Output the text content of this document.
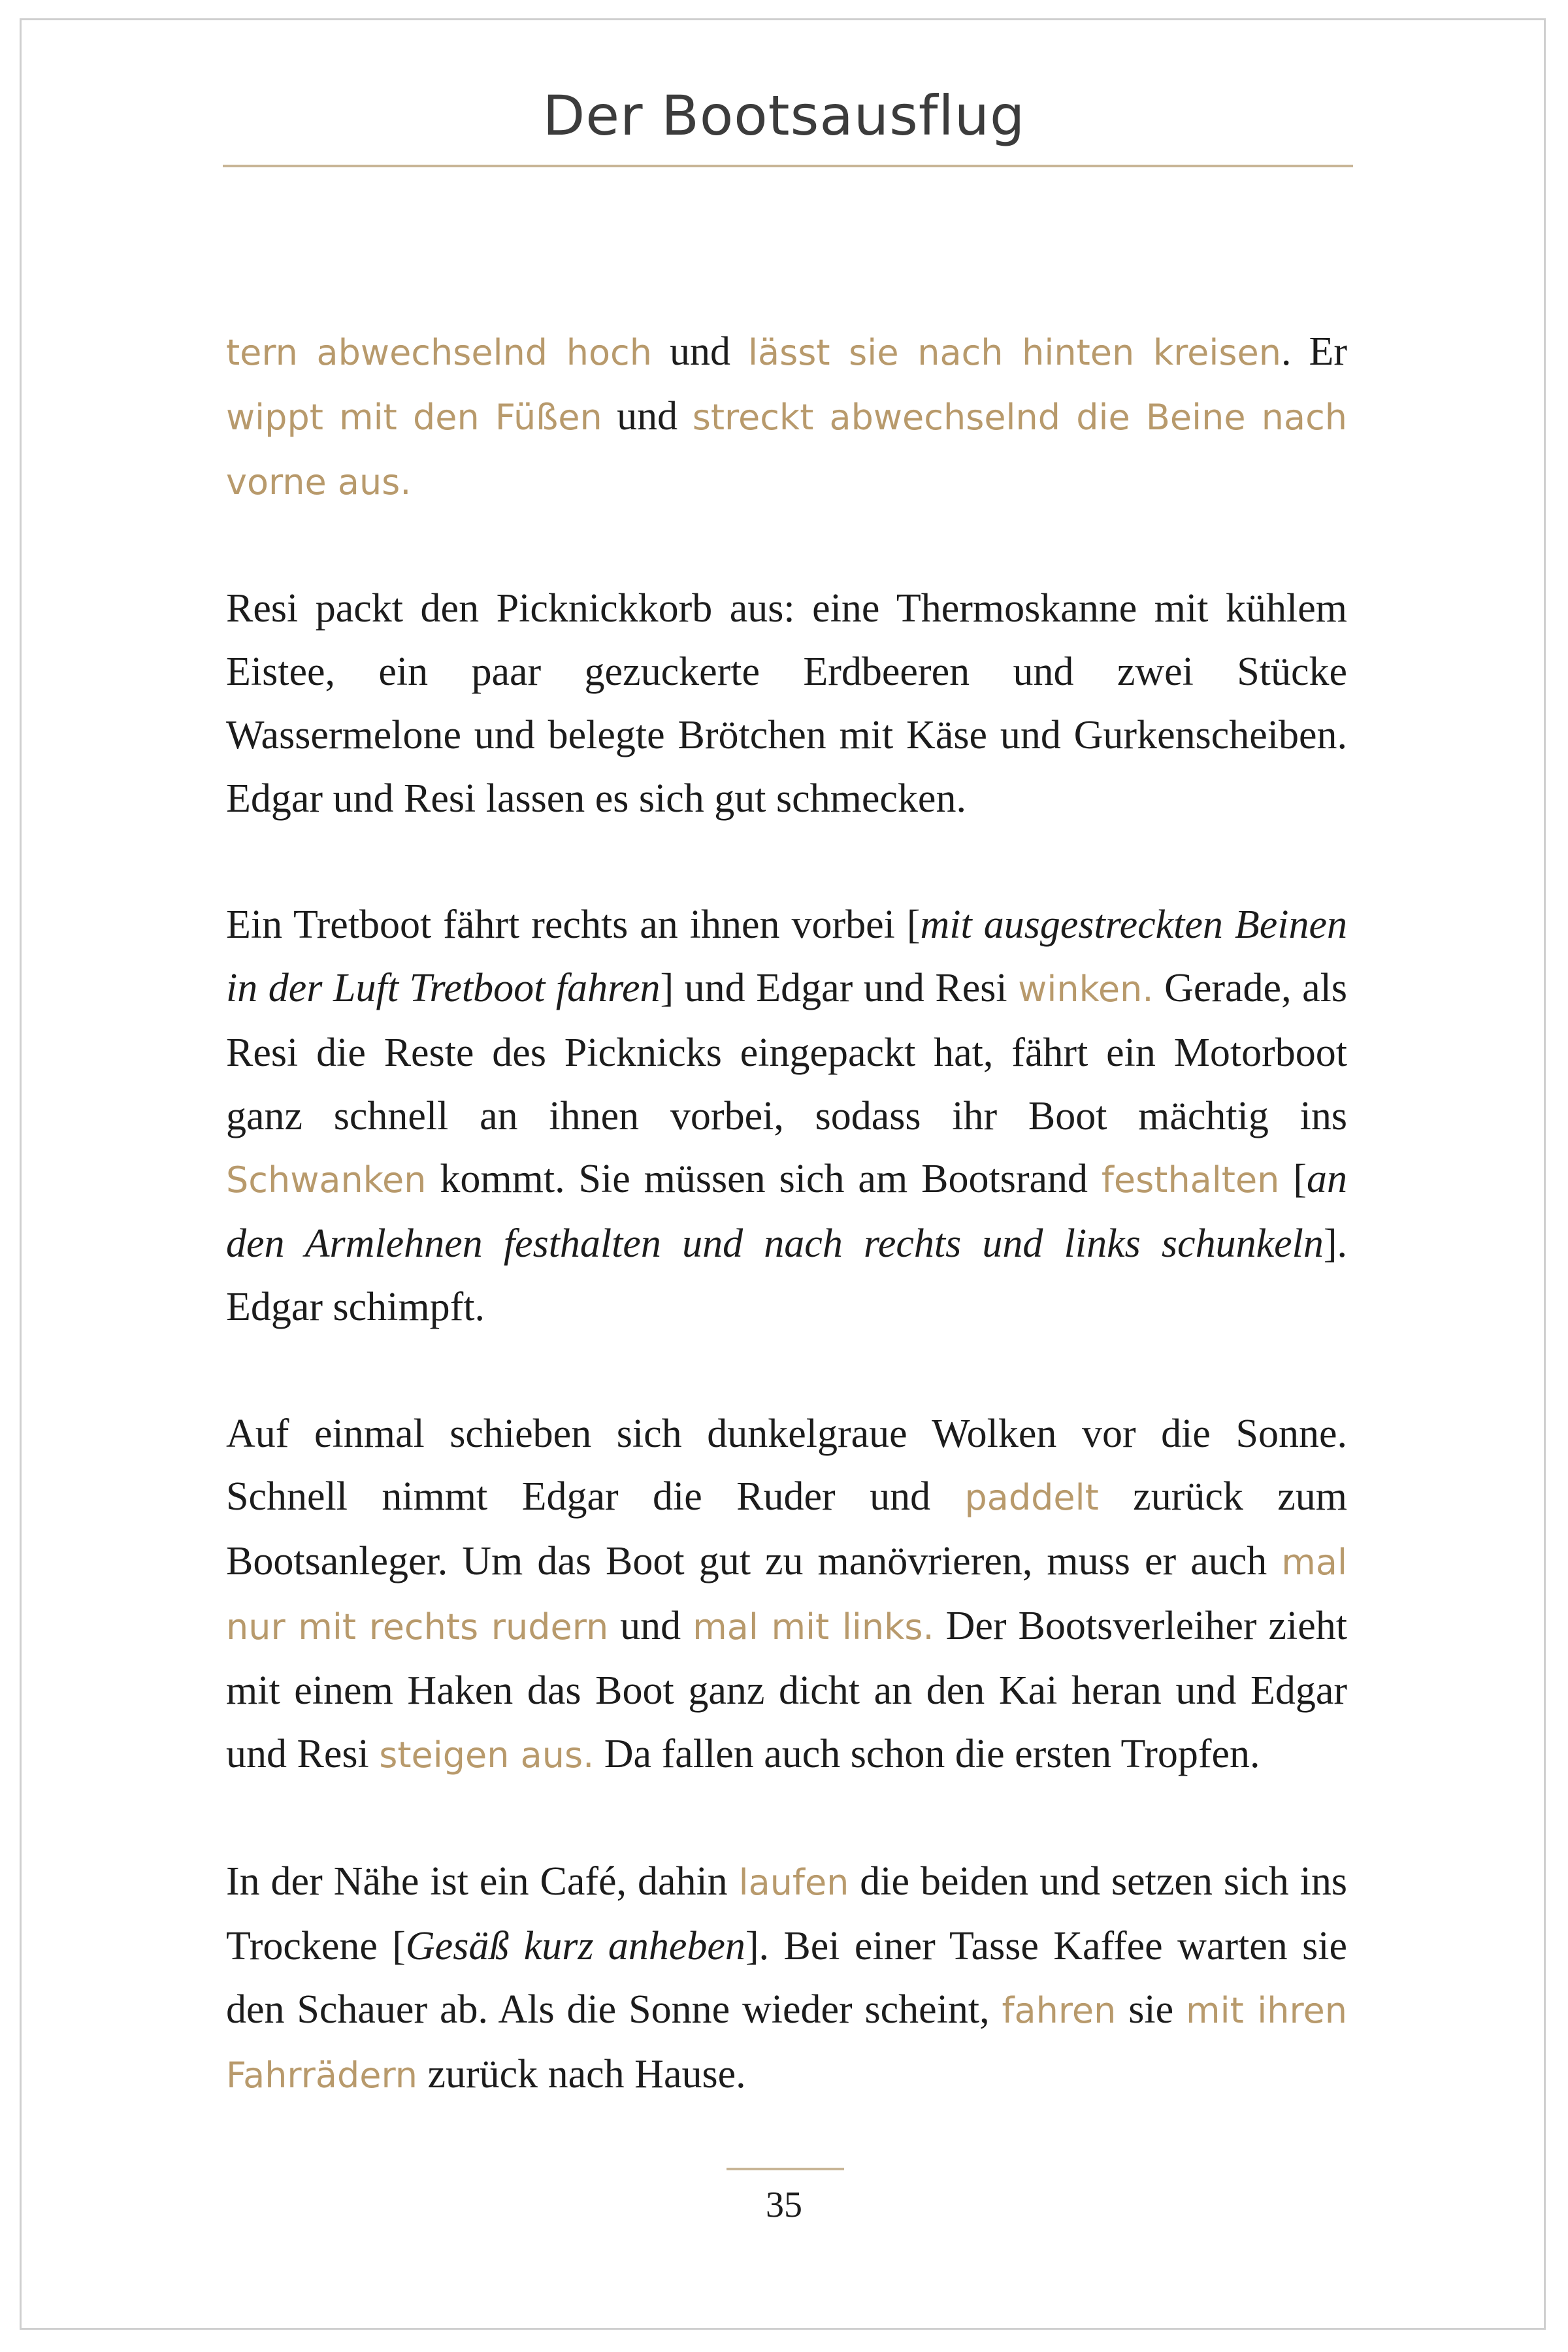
Der Bootsausflug

tern abwechselnd hoch und lässt sie nach hinten kreisen. Er wippt mit den Füßen und streckt abwechselnd die Beine nach vorne aus.

Resi packt den Picknickkorb aus: eine Thermoskanne mit kühlem Eistee, ein paar gezuckerte Erdbeeren und zwei Stücke Wassermelone und belegte Brötchen mit Käse und Gurkenscheiben. Edgar und Resi lassen es sich gut schmecken.

Ein Tretboot fährt rechts an ihnen vorbei [mit ausgestreckten Beinen in der Luft Tretboot fahren] und Edgar und Resi winken. Gerade, als Resi die Reste des Picknicks eingepackt hat, fährt ein Motorboot ganz schnell an ihnen vorbei, sodass ihr Boot mächtig ins Schwanken kommt. Sie müssen sich am Bootsrand festhalten [an den Armlehnen festhalten und nach rechts und links schunkeln]. Edgar schimpft.

Auf einmal schieben sich dunkelgraue Wolken vor die Sonne. Schnell nimmt Edgar die Ruder und paddelt zurück zum Bootsanleger. Um das Boot gut zu manövrieren, muss er auch mal nur mit rechts rudern und mal mit links. Der Bootsverleiher zieht mit einem Haken das Boot ganz dicht an den Kai heran und Edgar und Resi steigen aus. Da fallen auch schon die ersten Tropfen.

In der Nähe ist ein Café, dahin laufen die beiden und setzen sich ins Trockene [Gesäß kurz anheben]. Bei einer Tasse Kaffee warten sie den Schauer ab. Als die Sonne wieder scheint, fahren sie mit ihren Fahrrädern zurück nach Hause.

35
